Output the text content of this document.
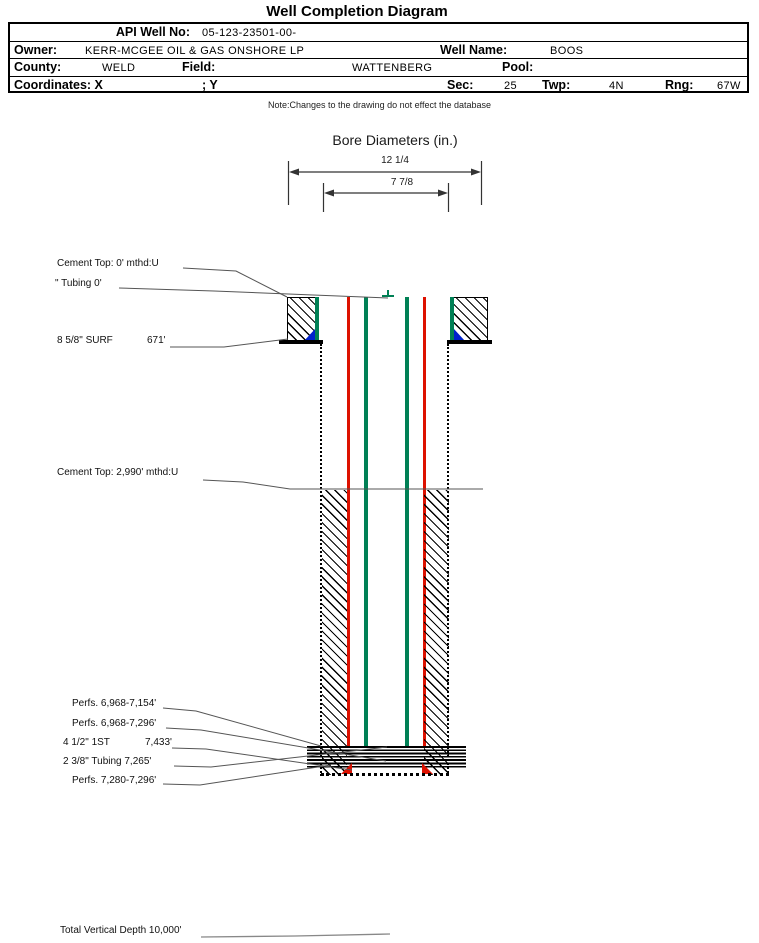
Well Completion Diagram
API Well No: 05-123-23501-00-
Owner:	KERR-MCGEE OIL & GAS ONSHORE LP	Well Name:	BOOS
County:	WELD	Field:	WATTENBERG	Pool:
Coordinates: X	; Y	Sec:	25 Twp:	4N	Rng: 67W
Note:Changes to the drawing do not effect the database
Bore Diameters (in.)
12 1/4
7 7/8
Cement Top: 0' mthd:U
" Tubing 0'
8 5/8" SURF	671'
Cement Top: 2,990' mthd:U
Perfs. 6,968-7,154'
Perfs. 6,968-7,296'
4 1/2" 1ST	7,433'
2 3/8" Tubing 7,265'
Perfs. 7,280-7,296'
Total Vertical Depth 10,000'
